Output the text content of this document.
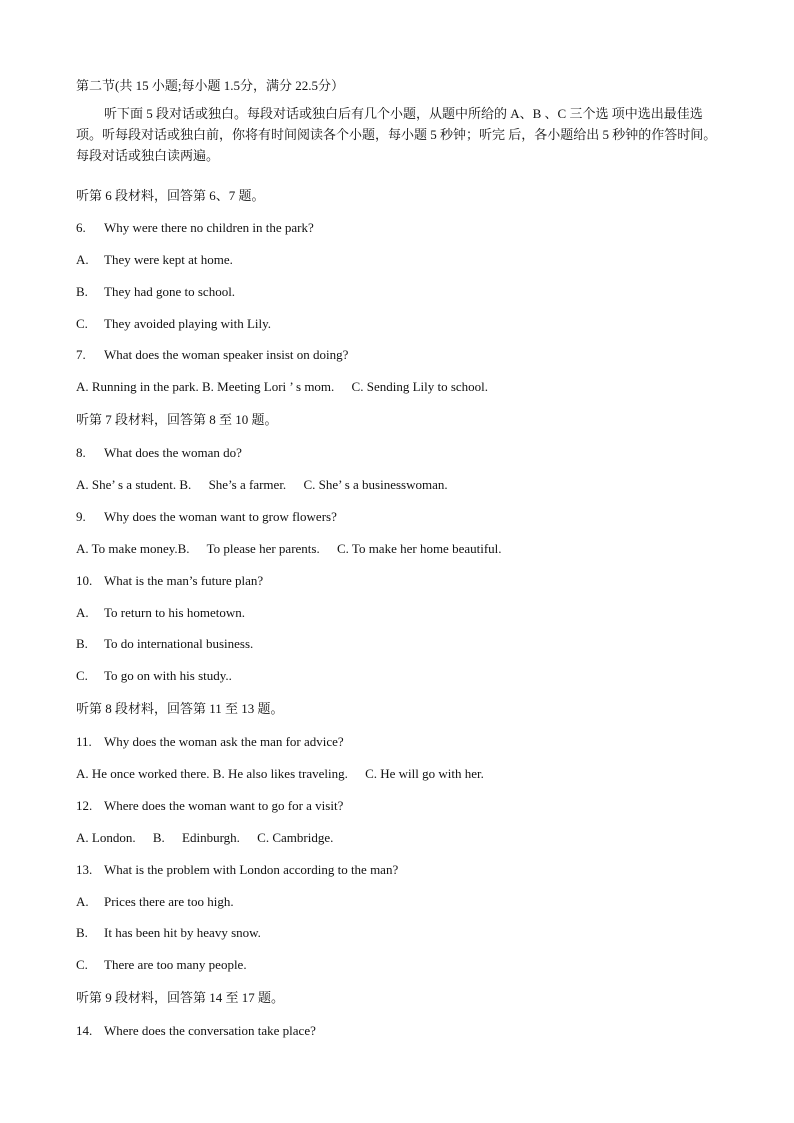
第二节(共 15 小题;每小题 1.5分，满分 22.5分）
听下面 5 段对话或独白。每段对话或独白后有几个小题，从题中所给的 A、B 、C 三个选 项中选出最佳选项。听每段对话或独白前，你将有时间阅读各个小题，每小题 5 秒钟；听完 后，各小题给出 5 秒钟的作答时间。每段对话或独白读两遍。
听第 6 段材料，回答第 6、7 题。
6. Why were there no children in the park?
A. They were kept at home.
B. They had gone to school.
C. They avoided playing with Lily.
7. What does the woman speaker insist on doing?
A. Running in the park. B. Meeting Lori ’ s mom. C. Sending Lily to school.
听第 7 段材料，回答第 8 至 10 题。
8. What does the woman do?
A. She’ s a student. B. She’s a farmer. C. She’ s a businesswoman.
9. Why does the woman want to grow flowers?
A. To make money.B. To please her parents. C. To make her home beautiful.
10. What is the man’s future plan?
A. To return to his hometown.
B. To do international business.
C. To go on with his study..
听第 8 段材料，回答第 11 至 13 题。
11. Why does the woman ask the man for advice?
A. He once worked there. B. He also likes traveling. C. He will go with her.
12. Where does the woman want to go for a visit?
A. London. B. Edinburgh. C. Cambridge.
13. What is the problem with London according to the man?
A. Prices there are too high.
B. It has been hit by heavy snow.
C. There are too many people.
听第 9 段材料，回答第 14 至 17 题。
14. Where does the conversation take place?
